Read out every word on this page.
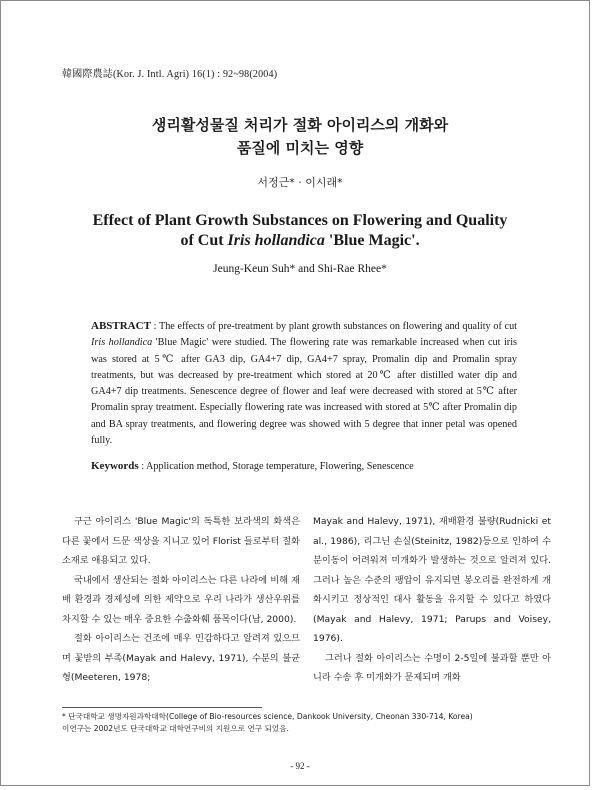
韓國際農誌(Kor. J. Intl. Agri) 16(1) : 92~98(2004)
생리활성물질 처리가 절화 아이리스의 개화와
품질에 미치는 영향
서정근* · 이시래*
Effect of Plant Growth Substances on Flowering and Quality
of Cut Iris hollandica 'Blue Magic'.
Jeung-Keun Suh* and Shi-Rae Rhee*
ABSTRACT : The effects of pre-treatment by plant growth substances on flowering and quality of cut Iris hollandica 'Blue Magic' were studied. The flowering rate was remarkable increased when cut iris was stored at 5℃ after GA3 dip, GA4+7 dip, GA4+7 spray, Promalin dip and Promalin spray treatments, but was decreased by pre-treatment which stored at 20℃ after distilled water dip and GA4+7 dip treatments. Senescence degree of flower and leaf were decreased with stored at 5℃ after Promalin spray treatment. Especially flowering rate was increased with stored at 5℃ after Promalin dip and BA spray treatments, and flowering degree was showed with 5 degree that inner petal was opened fully.
Keywords : Application method, Storage temperature, Flowering, Senescence

구근 아이리스 'Blue Magic'의 독특한 보라색의 화색은 다른 꽃에서 드문 색상을 지니고 있어 Florist 들로부터 절화 소재로 애용되고 있다.

국내에서 생산되는 절화 아이리스는 다른 나라에 비해 재배 환경과 경제성에 의한 제약으로 우리 나라가 생산우위를 차지할 수 있는 매우 중요한 수출화훼 품목이다(남, 2000).

절화 아이리스는 건조에 매우 민감하다고 알려져 있으므며 꽃받의 부족(Mayak and Halevy, 1971), 수분의 불균형(Meeteren, 1978;

Mayak and Halevy, 1971), 재배환경 불량(Rudnicki et al., 1986), 리그닌 손실(Steinitz, 1982)등으로 인하여 수분이동이 어려워져 미개화가 발생하는 것으로 알려져 있다. 그러나 높은 수준의 팽압이 유지되면 봉오리를 완전하게 개화시키고 정상적인 대사 활동을 유지할 수 있다고 하였다(Mayak and Halevy, 1971; Parups and Voisey, 1976).

그러나 절화 아이리스는 수명이 2-5일에 불과할 뿐만 아니라 수송 후 미개화가 문제되며 개화

* 단국대학교 생명자원과학대학(College of Bio-resources science, Dankook University, Cheonan 330-714, Korea)
이연구는 2002년도 단국대학교 대학연구비의 지원으로 연구 되었음.
- 92 -
